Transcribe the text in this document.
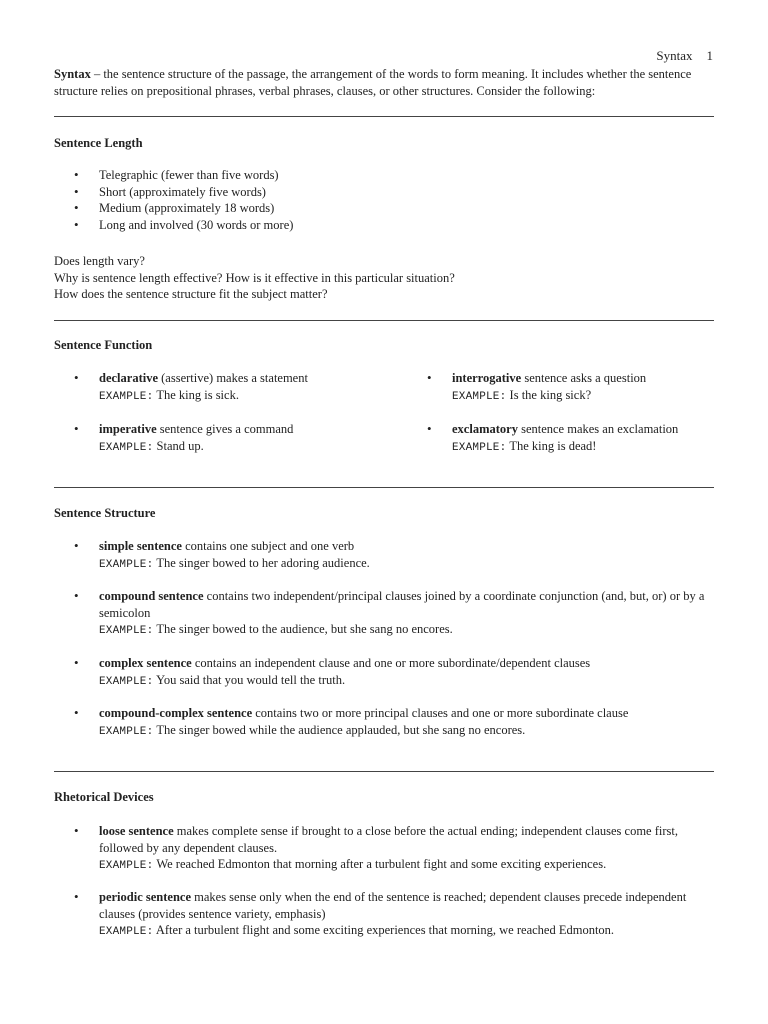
Syntax 1
Syntax – the sentence structure of the passage, the arrangement of the words to form meaning. It includes whether the sentence structure relies on prepositional phrases, verbal phrases, clauses, or other structures. Consider the following:
Sentence Length
• Telegraphic (fewer than five words)
• Short (approximately five words)
• Medium (approximately 18 words)
• Long and involved (30 words or more)
Does length vary?
Why is sentence length effective? How is it effective in this particular situation?
How does the sentence structure fit the subject matter?
Sentence Function
• declarative (assertive) makes a statement
EXAMPLE: The king is sick.
• interrogative sentence asks a question
EXAMPLE: Is the king sick?
• imperative sentence gives a command
EXAMPLE: Stand up.
• exclamatory sentence makes an exclamation
EXAMPLE: The king is dead!
Sentence Structure
• simple sentence contains one subject and one verb
EXAMPLE: The singer bowed to her adoring audience.
• compound sentence contains two independent/principal clauses joined by a coordinate conjunction (and, but, or) or by a semicolon
EXAMPLE: The singer bowed to the audience, but she sang no encores.
• complex sentence contains an independent clause and one or more subordinate/dependent clauses
EXAMPLE: You said that you would tell the truth.
• compound-complex sentence contains two or more principal clauses and one or more subordinate clause
EXAMPLE: The singer bowed while the audience applauded, but she sang no encores.
Rhetorical Devices
• loose sentence makes complete sense if brought to a close before the actual ending; independent clauses come first, followed by any dependent clauses.
EXAMPLE: We reached Edmonton that morning after a turbulent fight and some exciting experiences.
• periodic sentence makes sense only when the end of the sentence is reached; dependent clauses precede independent clauses (provides sentence variety, emphasis)
EXAMPLE: After a turbulent flight and some exciting experiences that morning, we reached Edmonton.
